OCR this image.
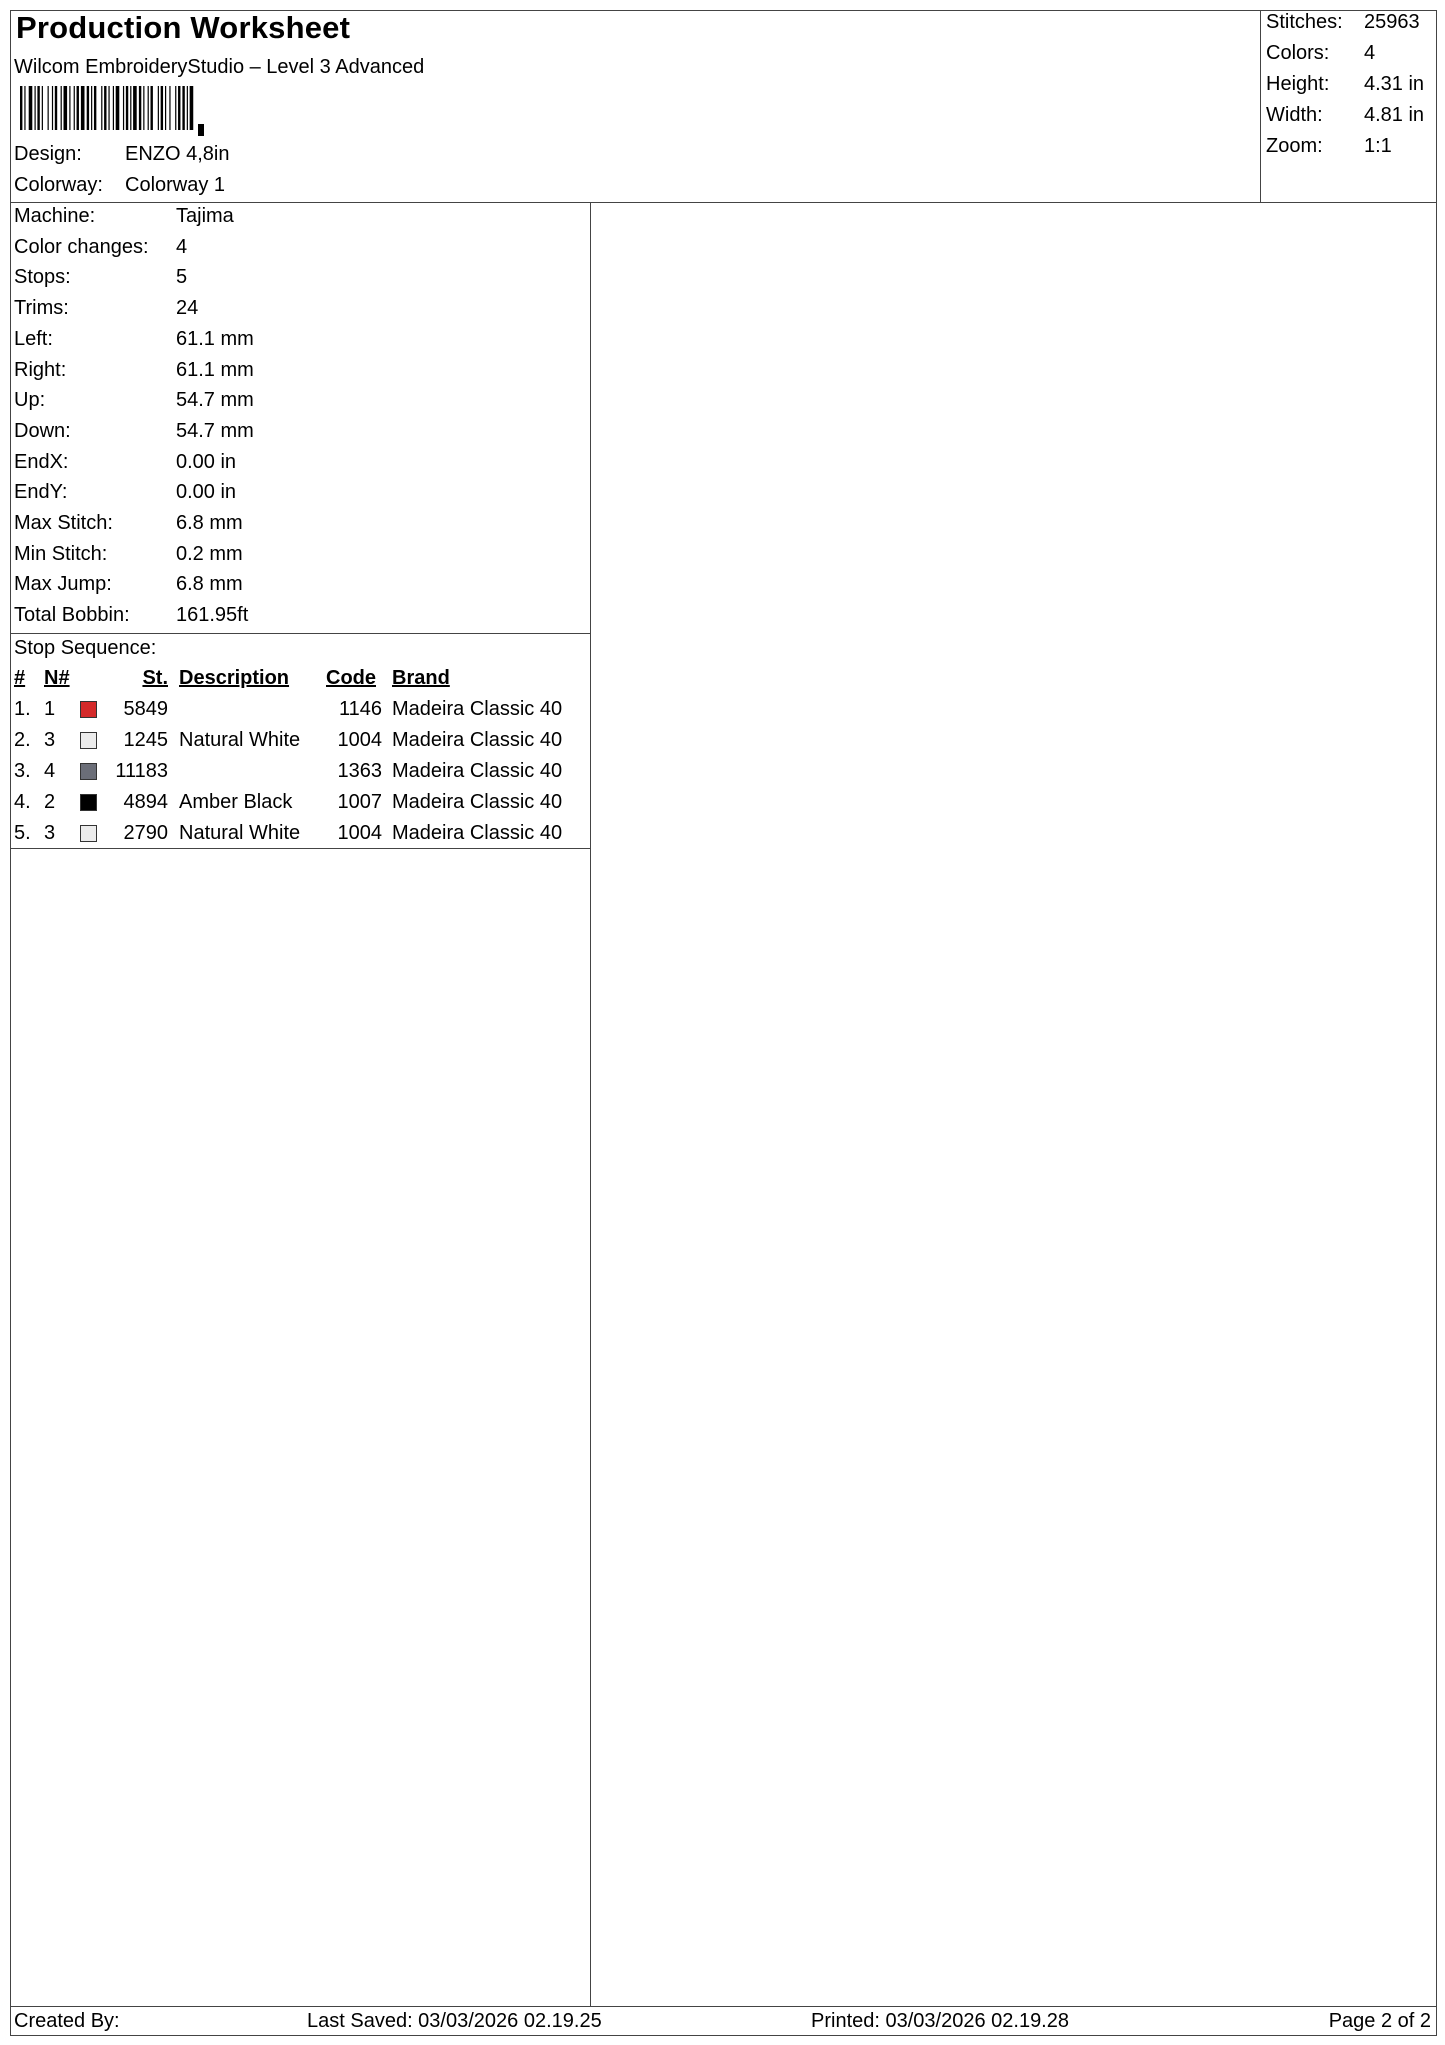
Production Worksheet
Wilcom EmbroideryStudio – Level 3 Advanced
Design: ENZO 4,8in
Colorway: Colorway 1
Stitches: 25963
Colors: 4
Height: 4.31 in
Width: 4.81 in
Zoom: 1:1
Machine:	Tajima
Color changes: 4
Stops:	5
Trims:	24
Left:	61.1 mm
Right:	61.1 mm
Up:	54.7 mm
Down:	54.7 mm
EndX:	0.00 in
EndY:	0.00 in
Max Stitch:	6.8 mm
Min Stitch:	0.2 mm
Max Jump:	6.8 mm
Total Bobbin: 161.95ft
Stop Sequence:
# N#	St. Description Code Brand
1. 1	5849	1146 Madeira Classic 40
2. 3	1245 Natural White	1004 Madeira Classic 40
3. 4	11183	1363 Madeira Classic 40
4. 2	4894 Amber Black	1007 Madeira Classic 40
5. 3	2790 Natural White	1004 Madeira Classic 40
Created By:	Last Saved: 03/03/2026 02.19.25	Printed: 03/03/2026 02.19.28	Page 2 of 2
